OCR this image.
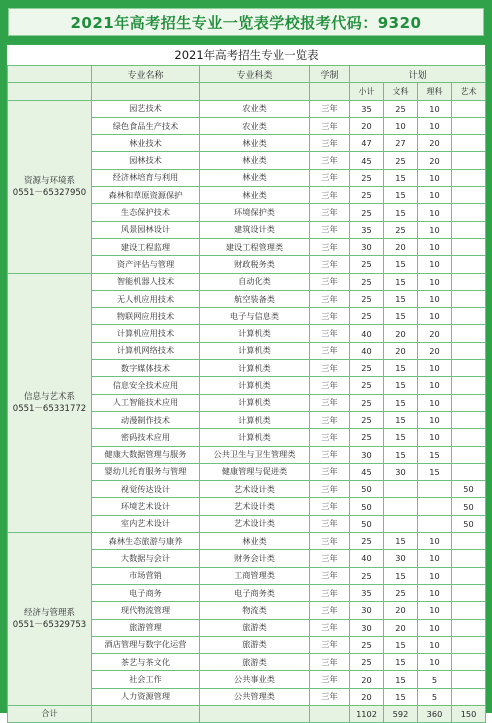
2021年高考招生专业一览表学校报考代码：9320
2021年高考招生专业一览表							
	专业名称	专业科类	学制	计划			
				小计	文科	理科	艺术

资源与环境系
0551－65327950	园艺技术	农业类	三年	35	25	10	
	绿色食品生产技术	农业类	三年	20	10	10	
	林业技术	林业类	三年	47	27	20	
	园林技术	林业类	三年	45	25	20	
	经济林培育与利用	林业类	三年	25	15	10	
	森林和草原资源保护	林业类	三年	25	15	10	
	生态保护技术	环境保护类	三年	25	15	10	
	风景园林设计	建筑设计类	三年	35	25	10	
	建设工程监理	建设工程管理类	三年	30	20	10	
	资产评估与管理	财政税务类	三年	25	15	10	

信息与艺术系
0551－65331772	智能机器人技术	自动化类	三年	25	15	10	
	无人机应用技术	航空装备类	三年	25	15	10	
	物联网应用技术	电子与信息类	三年	25	15	10	
	计算机应用技术	计算机类	三年	40	20	20	
	计算机网络技术	计算机类	三年	40	20	20	
	数字媒体技术	计算机类	三年	25	15	10	
	信息安全技术应用	计算机类	三年	25	15	10	
	人工智能技术应用	计算机类	三年	25	15	10	
	动漫制作技术	计算机类	三年	25	15	10	
	密码技术应用	计算机类	三年	25	15	10	
	健康大数据管理与服务	公共卫生与卫生管理类	三年	30	15	15	
	婴幼儿托育服务与管理	健康管理与促进类	三年	45	30	15	
	视觉传达设计	艺术设计类	三年	50			50
	环境艺术设计	艺术设计类	三年	50			50
	室内艺术设计	艺术设计类	三年	50			50

经济与管理系
0551－65329753	森林生态旅游与康养	林业类	三年	25	15	10	
	大数据与会计	财务会计类	三年	40	30	10	
	市场营销	工商管理类	三年	25	15	10	
	电子商务	电子商务类	三年	35	25	10	
	现代物流管理	物流类	三年	30	20	10	
	旅游管理	旅游类	三年	30	20	10	
	酒店管理与数字化运营	旅游类	三年	25	15	10	
	茶艺与茶文化	旅游类	三年	25	15	10	
	社会工作	公共事业类	三年	20	15	5	
	人力资源管理	公共管理类	三年	20	15	5	
合计				1102	592	360	150
